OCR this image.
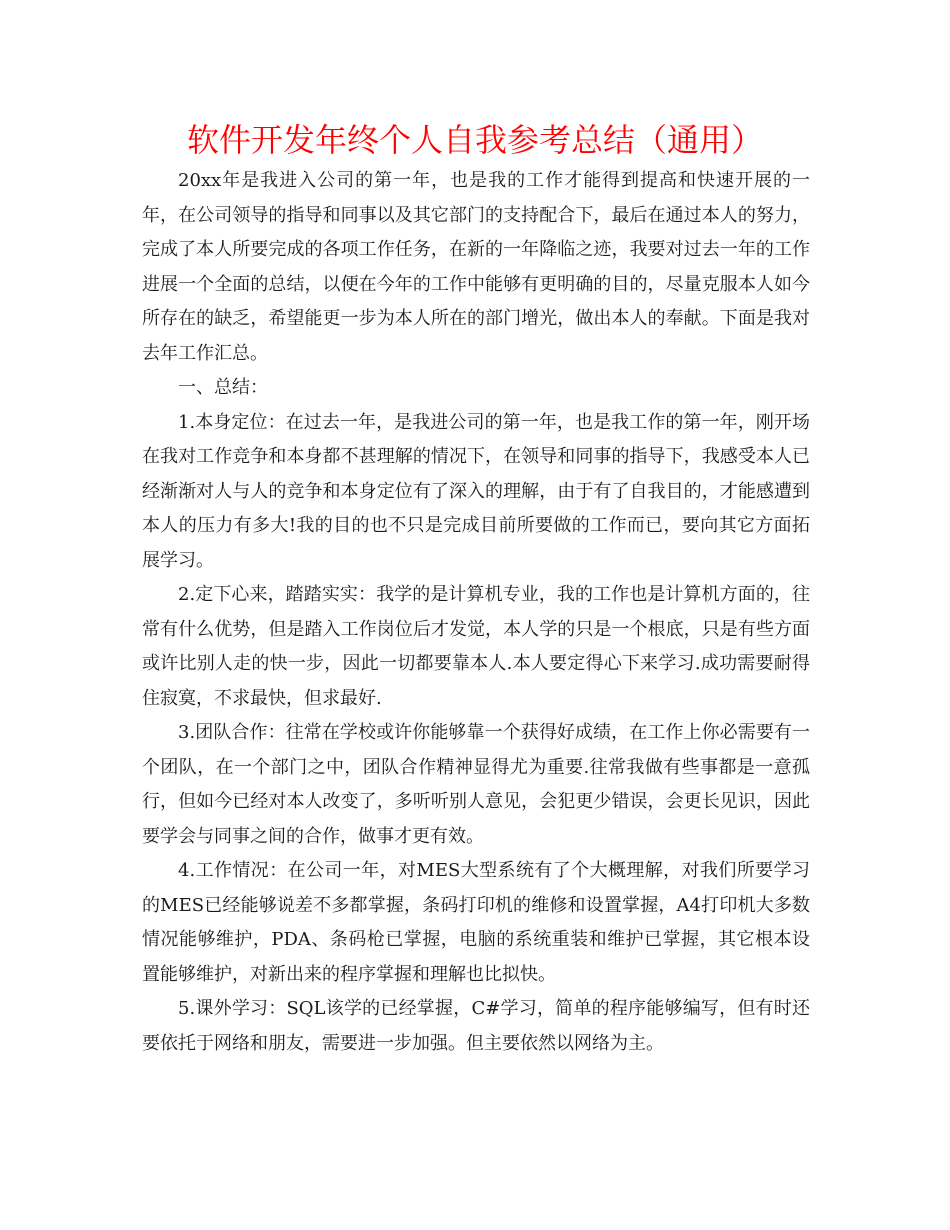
软件开发年终个人自我参考总结（通用）

20xx年是我进入公司的第一年，也是我的工作才能得到提高和快速开展的一年，在公司领导的指导和同事以及其它部门的支持配合下，最后在通过本人的努力，完成了本人所要完成的各项工作任务，在新的一年降临之迹，我要对过去一年的工作进展一个全面的总结，以便在今年的工作中能够有更明确的目的，尽量克服本人如今所存在的缺乏，希望能更一步为本人所在的部门增光，做出本人的奉献。下面是我对去年工作汇总。

一、总结：

1.本身定位：在过去一年，是我进公司的第一年，也是我工作的第一年，刚开场在我对工作竞争和本身都不甚理解的情况下，在领导和同事的指导下，我感受本人已经渐渐对人与人的竞争和本身定位有了深入的理解，由于有了自我目的，才能感遭到本人的压力有多大!我的目的也不只是完成目前所要做的工作而已，要向其它方面拓展学习。

2.定下心来，踏踏实实：我学的是计算机专业，我的工作也是计算机方面的，往常有什么优势，但是踏入工作岗位后才发觉，本人学的只是一个根底，只是有些方面或许比别人走的快一步，因此一切都要靠本人.本人要定得心下来学习.成功需要耐得住寂寞，不求最快，但求最好.

3.团队合作：往常在学校或许你能够靠一个获得好成绩，在工作上你必需要有一个团队，在一个部门之中，团队合作精神显得尤为重要.往常我做有些事都是一意孤行，但如今已经对本人改变了，多听听别人意见，会犯更少错误，会更长见识，因此要学会与同事之间的合作，做事才更有效。

4.工作情况：在公司一年，对MES大型系统有了个大概理解，对我们所要学习的MES已经能够说差不多都掌握，条码打印机的维修和设置掌握，A4打印机大多数情况能够维护，PDA、条码枪已掌握，电脑的系统重装和维护已掌握，其它根本设置能够维护，对新出来的程序掌握和理解也比拟快。

5.课外学习：SQL该学的已经掌握，C#学习，简单的程序能够编写，但有时还要依托于网络和朋友，需要进一步加强。但主要依然以网络为主。
